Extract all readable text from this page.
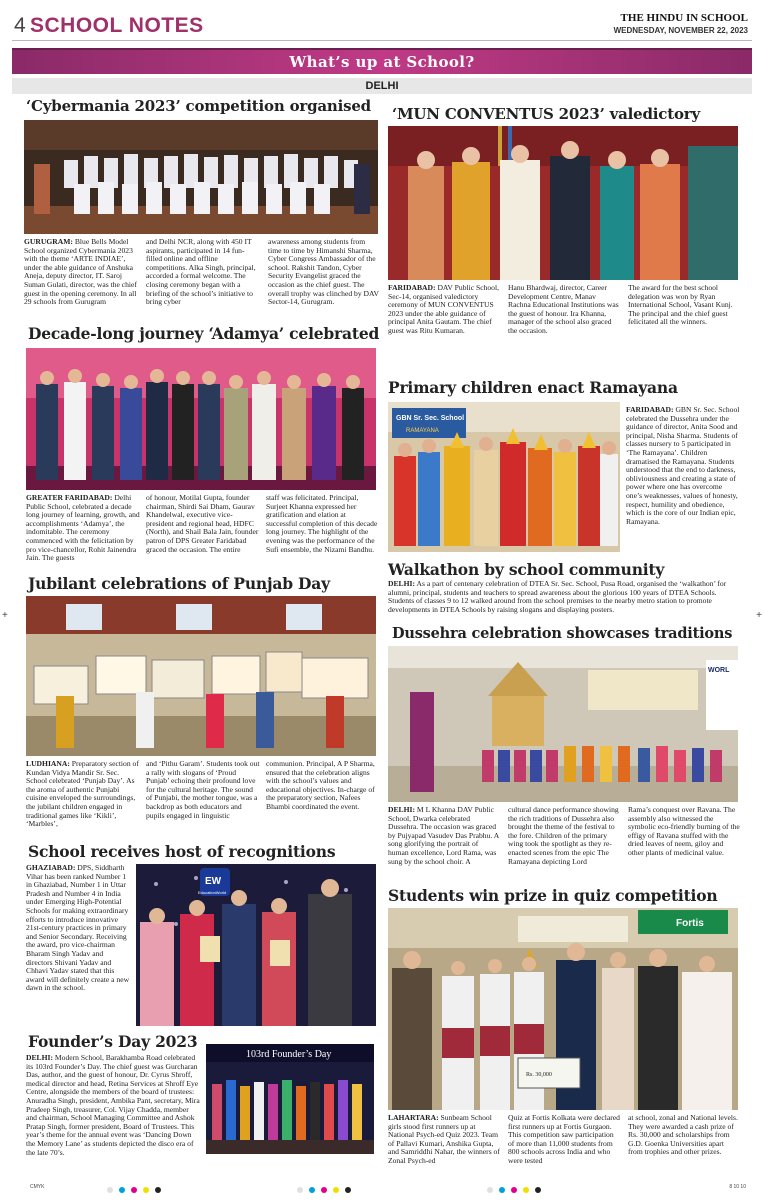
4 SCHOOL NOTES	THE HINDU IN SCHOOL
WEDNESDAY, NOVEMBER 22, 2023
What’s up at School?
DELHI
‘Cybermania 2023’ competition organised
GURUGRAM: Blue Bells Model School organized Cybermania 2023 with the theme ‘ARTE INDIAE’, under the able guidance of Anshuka Aneja, deputy director, IT. Saroj Suman Gulati, director, was the chief guest in the opening ceremony. In all 29 schools from Gurugram
and Delhi NCR, along with 450 IT aspirants, participated in 14 fun-filled online and offline competitions. Alka Singh, principal, accorded a formal welcome. The closing ceremony began with a briefing of the school’s initiative to bring cyber
awareness among students from time to time by Himanshi Sharma, Cyber Congress Ambassador of the school. Rakshit Tandon, Cyber Security Evangelist graced the occasion as the chief guest. The overall trophy was clinched by DAV Sector-14, Gurugram.
‘MUN CONVENTUS 2023’ valedictory
FARIDABAD: DAV Public School, Sec-14, organised valedictory ceremony of MUN CONVENTUS 2023 under the able guidance of principal Anita Gautam. The chief guest was Ritu Kumaran.
Hanu Bhardwaj, director, Career Development Centre, Manav Rachna Educational Institutions was the guest of honour. Ira Khanna, manager of the school also graced the occasion.
The award for the best school delegation was won by Ryan International School, Vasant Kunj. The principal and the chief guest felicitated all the winners.
Decade-long journey ‘Adamya’ celebrated
GREATER FARIDABAD: Delhi Public School, celebrated a decade long journey of learning, growth, and accomplishments ‘Adamya’, the indomitable. The ceremony commenced with the felicitation by pro vice-chancellor, Rohit Jainendra Jain. The guests
of honour, Motilal Gupta, founder chairman, Shirdi Sai Dham, Gaurav Khandelwal, executive vice-president and regional head, HDFC (North), and Shail Bala Jain, founder patron of DPS Greater Faridabad graced the occasion. The entire
staff was felicitated. Principal, Surjeet Khanna expressed her gratification and elation at successful completion of this decade long journey. The highlight of the evening was the performance of the Sufi ensemble, the Nizami Bandhu.
Primary children enact Ramayana
GBN Sr. Sec. School
RAMAYANA
FARIDABAD: GBN Sr. Sec. School celebrated the Dussehra under the guidance of director, Anita Sood and principal, Nisha Sharma. Students of classes nursery to 5 participated in ‘The Ramayana’. Children dramatised the Ramayana. Students understood that the end to darkness, obliviousness and creating a state of power where one has overcome one’s weaknesses, values of honesty, respect, humility and obedience, which is the core of our Indian epic, Ramayana.
Jubilant celebrations of Punjab Day
LUDHIANA: Preparatory section of Kundan Vidya Mandir Sr. Sec. School celebrated ‘Punjab Day’. As the aroma of authentic Punjabi cuisine enveloped the surroundings, the jubilant children engaged in traditional games like ‘Kikli’, ‘Marbles’,
and ‘Pithu Garam’. Students took out a rally with slogans of ‘Proud Punjab’ echoing their profound love for the cultural heritage. The sound of Punjabi, the mother tongue, was a backdrop as both educators and pupils engaged in linguistic
communion. Principal, A P Sharma, ensured that the celebration aligns with the school’s values and educational objectives. In-charge of the preparatory section, Nafees Bhambi coordinated the event.
Walkathon by school community
DELHI: As a part of centenary celebration of DTEA Sr. Sec. School, Pusa Road, organised the ‘walkathon’ for alumni, principal, students and teachers to spread awareness about the glorious 100 years of DTEA Schools. Students of classes 9 to 12 walked around from the school premises to the nearby metro station to promote developments in DTEA Schools by raising slogans and displaying posters.
Dussehra celebration showcases traditions
WORL
DELHI: M L Khanna DAV Public School, Dwarka celebrated Dussehra. The occasion was graced by Pujyapad Vasudev Das Prabhu. A song glorifying the portrait of human excellence, Lord Rama, was sung by the school choir. A
cultural dance performance showing the rich traditions of Dussehra also brought the theme of the festival to the fore. Children of the primary wing took the spotlight as they re-enacted scenes from the epic The Ramayana depicting Lord
Rama’s conquest over Ravana. The assembly also witnessed the symbolic eco-friendly burning of the effigy of Ravana stuffed with the dried leaves of neem, giloy and other plants of medicinal value.
School receives host of recognitions
GHAZIABAD: DPS, Siddharth Vihar has been ranked Number 1 in Ghaziabad, Number 1 in Uttar Pradesh and Number 4 in India under Emerging High-Potential Schools for making extraordinary efforts to introduce innovative 21st-century practices in primary and Senior Secondary. Receiving the award, pro vice-chairman Bharam Singh Yadav and directors Shivani Yadav and Chhavi Yadav stated that this award will definitely create a new dawn in the school.
EW
EducationWorld
Founder’s Day 2023
DELHI: Modern School, Barakhamba Road celebrated its 103rd Founder’s Day. The chief guest was Gurcharan Das, author, and the guest of honour, Dr. Cyrus Shroff, medical director and head, Retina Services at Shroff Eye Centre, alongside the members of the board of trustees: Anuradha Singh, president, Ambika Pant, secretary, Mira Pradeep Singh, treasurer, Col. Vijay Chadda, member and chairman, School Managing Committee and Ashok Pratap Singh, former president, Board of Trustees. This year’s theme for the annual event was ‘Dancing Down the Memory Lane’ as students depicted the disco era of the late 70’s.
103rd Founder’s Day
Students win prize in quiz competition
Fortis
Rs. 30,000
LAHARTARA: Sunbeam School girls stood first runners up at National Psych-ed Quiz 2023. Team of Pallavi Kumari, Anshika Gupta, and Samriddhi Nahar, the winners of Zonal Psych-ed
Quiz at Fortis Kolkata were declared first runners up at Fortis Gurgaon. This competition saw participation of more than 11,000 students from 800 schools across India and who were tested
at school, zonal and National levels. They were awarded a cash prize of Rs. 30,000 and scholarships from G.D. Goenka Universities apart from trophies and other prizes.
+	+
CMYK	8 10 10
